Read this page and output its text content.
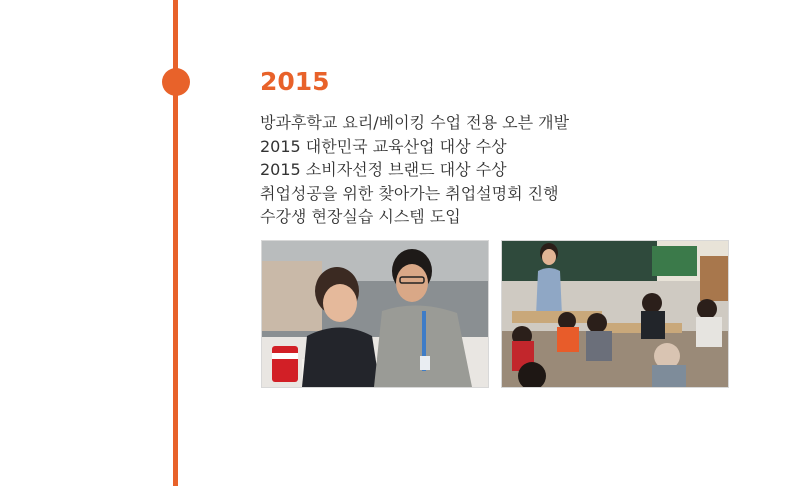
2015
방과후학교 요리/베이킹 수업 전용 오븐 개발
2015 대한민국 교육산업 대상 수상
2015 소비자선정 브랜드 대상 수상
취업성공을 위한 찾아가는 취업설명회 진행
수강생 현장실습 시스템 도입
